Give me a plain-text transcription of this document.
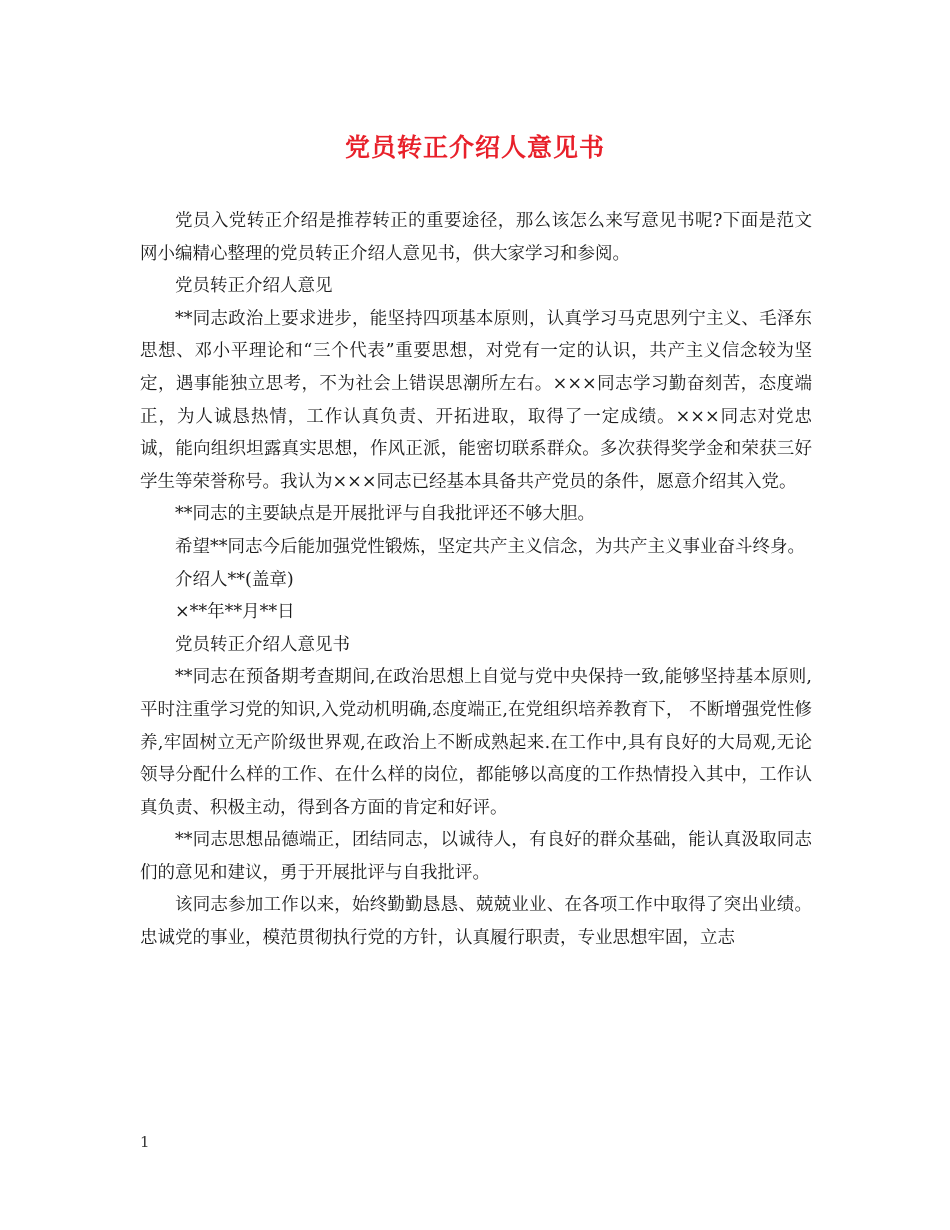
党员转正介绍人意见书

党员入党转正介绍是推荐转正的重要途径，那么该怎么来写意见书呢?下面是范文网小编精心整理的党员转正介绍人意见书，供大家学习和参阅。

党员转正介绍人意见

**同志政治上要求进步，能坚持四项基本原则，认真学习马克思列宁主义、毛泽东思想、邓小平理论和“三个代表”重要思想，对党有一定的认识，共产主义信念较为坚定，遇事能独立思考，不为社会上错误思潮所左右。×××同志学习勤奋刻苦，态度端正，为人诚恳热情，工作认真负责、开拓进取，取得了一定成绩。×××同志对党忠诚，能向组织坦露真实思想，作风正派，能密切联系群众。多次获得奖学金和荣获三好学生等荣誉称号。我认为×××同志已经基本具备共产党员的条件，愿意介绍其入党。

**同志的主要缺点是开展批评与自我批评还不够大胆。

希望**同志今后能加强党性锻炼，坚定共产主义信念，为共产主义事业奋斗终身。

介绍人**(盖章)

×**年**月**日

党员转正介绍人意见书

**同志在预备期考查期间,在政治思想上自觉与党中央保持一致,能够坚持基本原则,平时注重学习党的知识,入党动机明确,态度端正,在党组织培养教育下， 不断增强党性修养,牢固树立无产阶级世界观,在政治上不断成熟起来.在工作中,具有良好的大局观,无论领导分配什么样的工作、在什么样的岗位，都能够以高度的工作热情投入其中，工作认真负责、积极主动，得到各方面的肯定和好评。

**同志思想品德端正，团结同志，以诚待人，有良好的群众基础，能认真汲取同志们的意见和建议，勇于开展批评与自我批评。

该同志参加工作以来，始终勤勤恳恳、兢兢业业、在各项工作中取得了突出业绩。忠诚党的事业，模范贯彻执行党的方针，认真履行职责，专业思想牢固，立志

1
